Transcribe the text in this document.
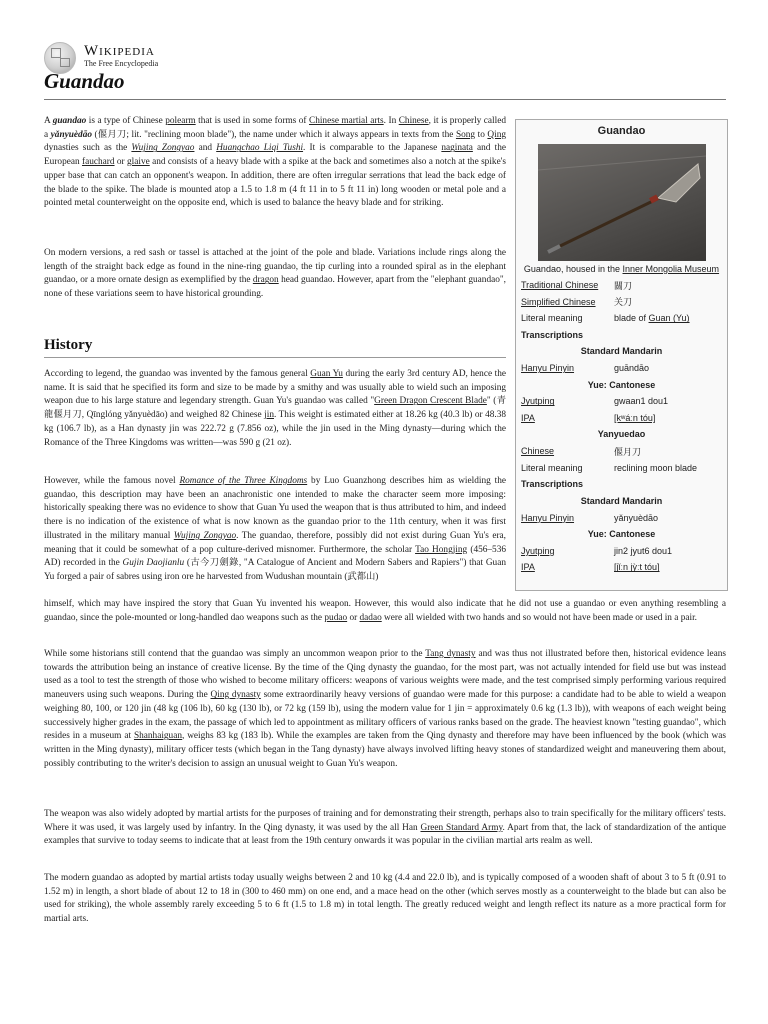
Wikipedia
The Free Encyclopedia
Guandao

A guandao is a type of Chinese polearm that is used in some forms of Chinese martial arts. In Chinese, it is properly called a yǎnyuèdāo (偃月刀; lit. "reclining moon blade"), the name under which it always appears in texts from the Song to Qing dynasties such as the Wujing Zongyao and Huangchao Liqi Tushi. It is comparable to the Japanese naginata and the European fauchard or glaive and consists of a heavy blade with a spike at the back and sometimes also a notch at the spike's upper base that can catch an opponent's weapon. In addition, there are often irregular serrations that lead the back edge of the blade to the spike. The blade is mounted atop a 1.5 to 1.8 m (4 ft 11 in to 5 ft 11 in) long wooden or metal pole and a pointed metal counterweight on the opposite end, which is used to balance the heavy blade and for striking.

On modern versions, a red sash or tassel is attached at the joint of the pole and blade. Variations include rings along the length of the straight back edge as found in the nine-ring guandao, the tip curling into a rounded spiral as in the elephant guandao, or a more ornate design as exemplified by the dragon head guandao. However, apart from the "elephant guandao", none of these variations seem to have historical grounding.

History

According to legend, the guandao was invented by the famous general Guan Yu during the early 3rd century AD, hence the name. It is said that he specified its form and size to be made by a smithy and was usually able to wield such an imposing weapon due to his large stature and legendary strength. Guan Yu's guandao was called "Green Dragon Crescent Blade" (青龍偃月刀, Qīnglóng yǎnyuèdāo) and weighed 82 Chinese jin. This weight is estimated either at 18.26 kg (40.3 lb) or 48.38 kg (106.7 lb), as a Han dynasty jin was 222.72 g (7.856 oz), while the jin used in the Ming dynasty—during which the Romance of the Three Kingdoms was written—was 590 g (21 oz).

However, while the famous novel Romance of the Three Kingdoms by Luo Guanzhong describes him as wielding the guandao, this description may have been an anachronistic one intended to make the character seem more imposing: historically speaking there was no evidence to show that Guan Yu used the weapon that is thus attributed to him, and indeed there is no indication of the existence of what is now known as the guandao prior to the 11th century, when it was first illustrated in the military manual Wujing Zongyao. The guandao, therefore, possibly did not exist during Guan Yu's era, meaning that it could be somewhat of a pop culture-derived misnomer. Furthermore, the scholar Tao Hongjing (456–536 AD) recorded in the Gujin Daojianlu (古今刀劍錄, "A Catalogue of Ancient and Modern Sabers and Rapiers") that Guan Yu forged a pair of sabres using iron ore he harvested from Wudushan mountain (武都山)

himself, which may have inspired the story that Guan Yu invented his weapon. However, this would also indicate that he did not use a guandao or even anything resembling a guandao, since the pole-mounted or long-handled dao weapons such as the pudao or dadao were all wielded with two hands and so would not have been made or used in a pair.

While some historians still contend that the guandao was simply an uncommon weapon prior to the Tang dynasty and was thus not illustrated before then, historical evidence leans towards the attribution being an instance of creative license. By the time of the Qing dynasty the guandao, for the most part, was not actually intended for field use but was instead used as a tool to test the strength of those who wished to become military officers: weapons of various weights were made, and the test comprised simply performing various required maneuvers using such weapons. During the Qing dynasty some extraordinarily heavy versions of guandao were made for this purpose: a candidate had to be able to wield a weapon weighing 80, 100, or 120 jin (48 kg (106 lb), 60 kg (130 lb), or 72 kg (159 lb), using the modern value for 1 jin = approximately 0.6 kg (1.3 lb)), with weapons of each weight being successively higher grades in the exam, the passage of which led to appointment as military officers of various ranks based on the grade. The heaviest known "testing guandao", which resides in a museum at Shanhaiguan, weighs 83 kg (183 lb). While the examples are taken from the Qing dynasty and therefore may have been influenced by the book (which was written in the Ming dynasty), military officer tests (which began in the Tang dynasty) have always involved lifting heavy stones of standardized weight and maneuvering them about, possibly contributing to the writer's decision to assign an unusual weight to Guan Yu's weapon.

The weapon was also widely adopted by martial artists for the purposes of training and for demonstrating their strength, perhaps also to train specifically for the military officers' tests. Where it was used, it was largely used by infantry. In the Qing dynasty, it was used by the all Han Green Standard Army. Apart from that, the lack of standardization of the antique examples that survive to today seems to indicate that at least from the 19th century onwards it was popular in the civilian martial arts realm as well.

The modern guandao as adopted by martial artists today usually weighs between 2 and 10 kg (4.4 and 22.0 lb), and is typically composed of a wooden shaft of about 3 to 5 ft (0.91 to 1.52 m) in length, a short blade of about 12 to 18 in (300 to 460 mm) on one end, and a mace head on the other (which serves mostly as a counterweight to the blade but can also be used for striking), the whole assembly rarely exceeding 5 to 6 ft (1.5 to 1.8 m) in total length. The greatly reduced weight and length reflect its nature as a more practical form for martial arts.

Guandao
Guandao, housed in the Inner Mongolia Museum
Traditional Chinese	關刀
Simplified Chinese	关刀
Literal meaning	blade of Guan (Yu)
Transcriptions
Standard Mandarin
Hanyu Pinyin	guāndāo
Yue: Cantonese
Jyutping	gwaan1 dou1
IPA	[kʷáːn tóu]
Yanyuedao
Chinese	偃月刀
Literal meaning	reclining moon blade
Transcriptions
Standard Mandarin
Hanyu Pinyin	yǎnyuèdāo
Yue: Cantonese
Jyutping	jin2 jyut6 dou1
IPA	[jǐːn jỳːt tóu]
